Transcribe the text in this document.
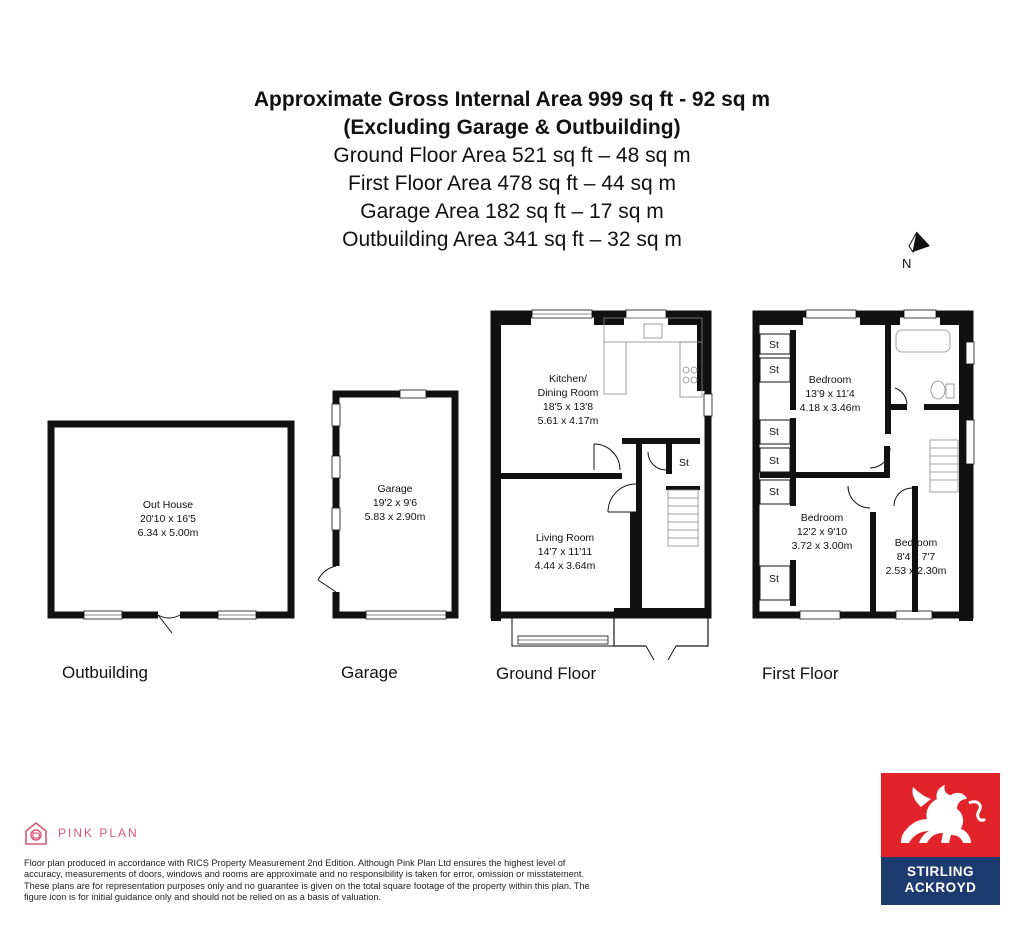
Approximate Gross Internal Area 999 sq ft - 92 sq m
(Excluding Garage & Outbuilding)
Ground Floor Area 521 sq ft – 48 sq m
First Floor Area 478 sq ft – 44 sq m
Garage Area 182 sq ft – 17 sq m
Outbuilding Area 341 sq ft – 32 sq m
N
Out House
20'10 x 16'5
6.34 x 5.00m
Garage
19'2 x 9'6
5.83 x 2.90m
Kitchen/
Dining Room
18'5 x 13'8
5.61 x 4.17m
Living Room
14'7 x 11'11
4.44 x 3.64m
St
St
St
St
St
St
St
Bedroom
13'9 x 11'4
4.18 x 3.46m
Bedroom
12'2 x 9'10
3.72 x 3.00m	Bedroom
8'4 x 7'7
2.53 x 2.30m
Outbuilding	Garage	Ground Floor	First Floor
PINK PLAN
Floor plan produced in accordance with RICS Property Measurement 2nd Edition. Although Pink Plan Ltd ensures the highest level of accuracy, measurements of doors, windows and rooms are approximate and no responsibility is taken for error, omission or misstatement. These plans are for representation purposes only and no guarantee is given on the total square footage of the property within this plan. The figure icon is for initial guidance only and should not be relied on as a basis of valuation.
STIRLING
ACKROYD
